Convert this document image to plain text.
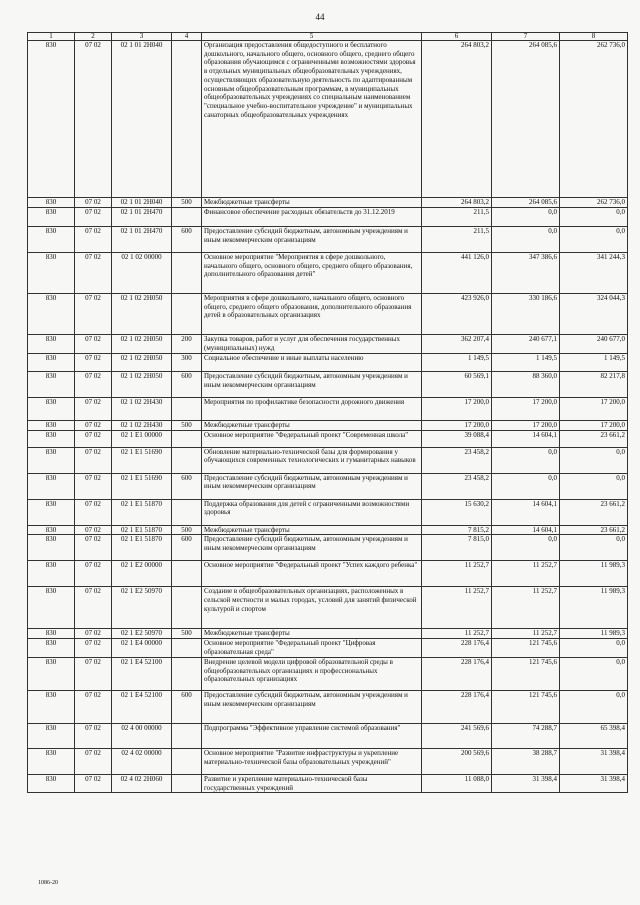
44
1	2	3	4	5	6	7	8
830	07 02	02 1 01 2Н040		Организация предоставления общедоступного и бесплатного дошкольного, начального общего, основного общего, среднего общего образования обучающимся с ограниченными возможностями здоровья в отдельных муниципальных общеобразовательных учреждениях, осуществляющих образовательную деятельность по адаптированным основным общеобразовательным программам, в муниципальных общеобразовательных учреждениях со специальным наименованием "специальное учебно-воспитательное учреждение" и муниципальных санаторных общеобразовательных учреждениях	264 803,2	264 085,6	262 736,0
830	07 02	02 1 01 2Н040	500	Межбюджетные трансферты	264 803,2	264 085,6	262 736,0
830	07 02	02 1 01 2Н470		Финансовое обеспечение расходных обязательств до 31.12.2019	211,5	0,0	0,0
830	07 02	02 1 01 2Н470	600	Предоставление субсидий бюджетным, автономным учреждениям и иным некоммерческим организациям	211,5	0,0	0,0
830	07 02	02 1 02 00000		Основное мероприятие "Мероприятия в сфере дошкольного, начального общего, основного общего, среднего общего образования, дополнительного образования детей"	441 126,0	347 386,6	341 244,3
830	07 02	02 1 02 2Н050		Мероприятия в сфере дошкольного, начального общего, основного общего, среднего общего образования, дополнительного образования детей в образовательных организациях	423 926,0	330 186,6	324 044,3
830	07 02	02 1 02 2Н050	200	Закупка товаров, работ и услуг для обеспечения государственных (муниципальных) нужд	362 207,4	240 677,1	240 677,0
830	07 02	02 1 02 2Н050	300	Социальное обеспечение и иные выплаты населению	1 149,5	1 149,5	1 149,5
830	07 02	02 1 02 2Н050	600	Предоставление субсидий бюджетным, автономным учреждениям и иным некоммерческим организациям	60 569,1	88 360,0	82 217,8
830	07 02	02 1 02 2Н430		Мероприятия по профилактике безопасности дорожного движения	17 200,0	17 200,0	17 200,0
830	07 02	02 1 02 2Н430	500	Межбюджетные трансферты	17 200,0	17 200,0	17 200,0
830	07 02	02 1 Е1 00000		Основное мероприятие "Федеральный проект "Современная школа"	39 088,4	14 604,1	23 661,2
830	07 02	02 1 Е1 51690		Обновление материально-технической базы для формирования у обучающихся современных технологических и гуманитарных навыков	23 458,2	0,0	0,0
830	07 02	02 1 Е1 51690	600	Предоставление субсидий бюджетным, автономным учреждениям и иным некоммерческим организациям	23 458,2	0,0	0,0
830	07 02	02 1 Е1 51870		Поддержка образования для детей с ограниченными возможностями здоровья	15 630,2	14 604,1	23 661,2
830	07 02	02 1 Е1 51870	500	Межбюджетные трансферты	7 815,2	14 604,1	23 661,2
830	07 02	02 1 Е1 51870	600	Предоставление субсидий бюджетным, автономным учреждениям и иным некоммерческим организациям	7 815,0	0,0	0,0
830	07 02	02 1 Е2 00000		Основное мероприятие "Федеральный проект "Успех каждого ребенка"	11 252,7	11 252,7	11 989,3
830	07 02	02 1 Е2 50970		Создание в общеобразовательных организациях, расположенных в сельской местности и малых городах, условий для занятий физической культурой и спортом	11 252,7	11 252,7	11 989,3
830	07 02	02 1 Е2 50970	500	Межбюджетные трансферты	11 252,7	11 252,7	11 989,3
830	07 02	02 1 Е4 00000		Основное мероприятие "Федеральный проект "Цифровая образовательная среда"	228 176,4	121 745,6	0,0
830	07 02	02 1 Е4 52100		Внедрение целевой модели цифровой образовательной среды в общеобразовательных организациях и профессиональных образовательных организациях	228 176,4	121 745,6	0,0
830	07 02	02 1 Е4 52100	600	Предоставление субсидий бюджетным, автономным учреждениям и иным некоммерческим организациям	228 176,4	121 745,6	0,0
830	07 02	02 4 00 00000		Подпрограмма "Эффективное управление системой образования"	241 569,6	74 288,7	65 398,4
830	07 02	02 4 02 00000		Основное мероприятие "Развитие инфраструктуры и укрепление материально-технической базы образовательных учреждений"	200 569,6	38 288,7	31 398,4
830	07 02	02 4 02 2Н060		Развитие и укрепление материально-технической базы государственных учреждений	11 088,0	31 398,4	31 398,4
1086-20
